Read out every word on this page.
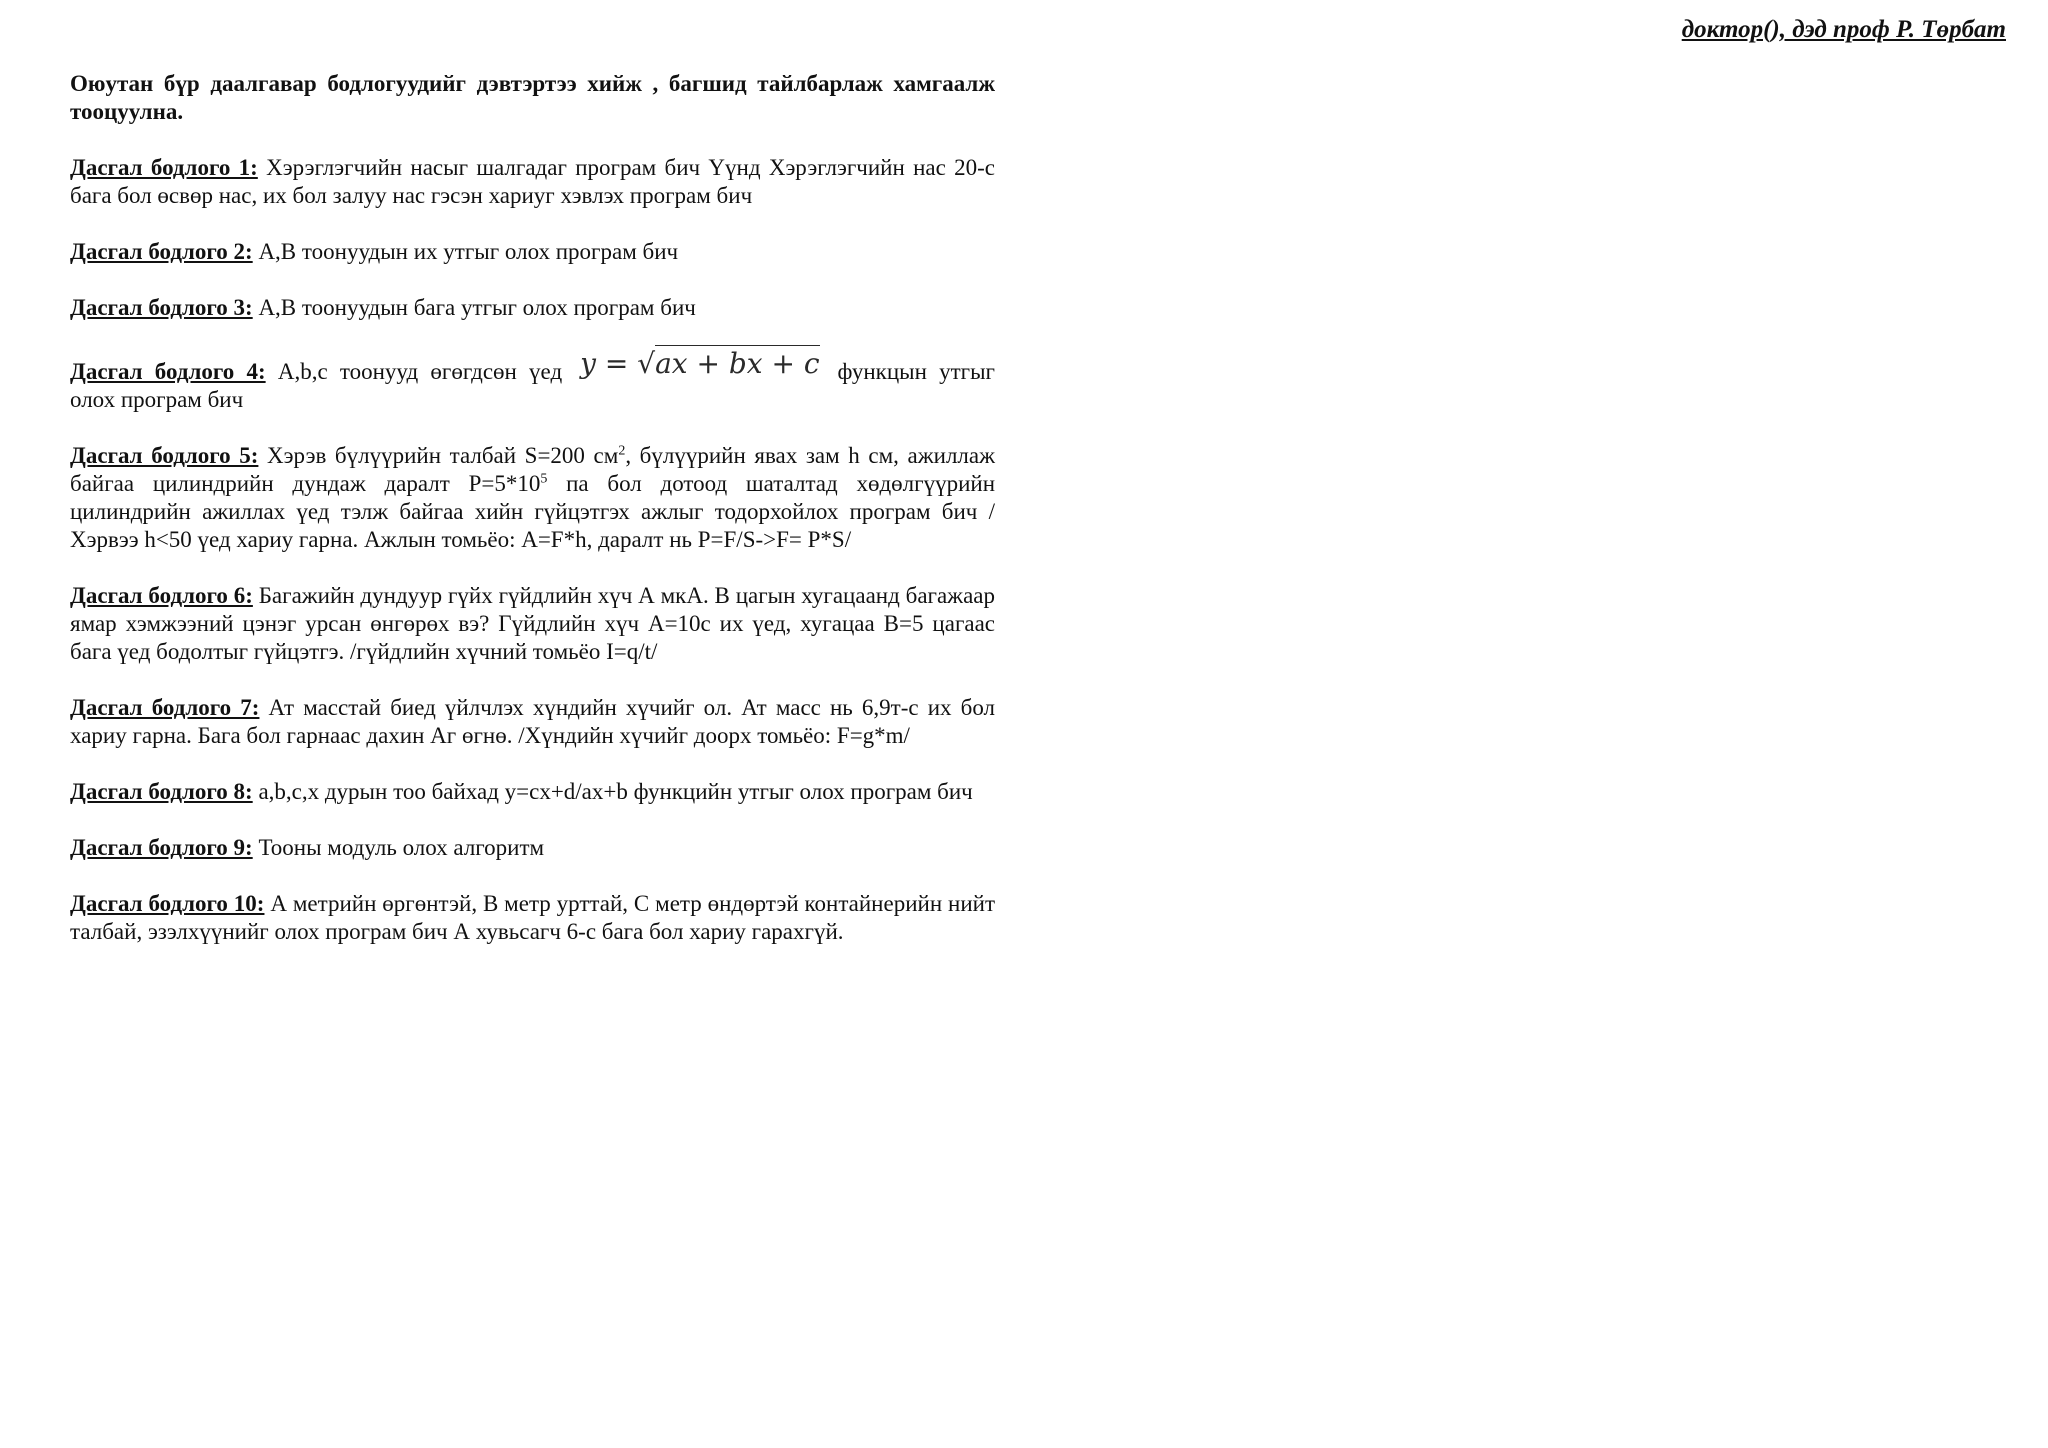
доктор(), дэд проф Р. Төрбат

Оюутан бүр даалгавар бодлогуудийг дэвтэртээ хийж , багшид тайлбарлаж хамгаалж тооцуулна.

Дасгал бодлого 1: Хэрэглэгчийн насыг шалгадаг програм бич Үүнд Хэрэглэгчийн нас 20-с бага бол өсвөр нас, их бол залуу нас гэсэн хариуг хэвлэх програм бич

Дасгал бодлого 2: A,B тоонуудын их утгыг олох програм бич

Дасгал бодлого 3: A,B тоонуудын бага утгыг олох програм бич

Дасгал бодлого 4: A,b,c тоонууд өгөгдсөн үед y = √ax + bx + c функцын утгыг олох програм бич

Дасгал бодлого 5: Хэрэв бүлүүрийн талбай S=200 $см^2$, бүлүүрийн явах зам h см, ажиллаж байгаа цилиндрийн дундаж даралт $P=5*10^5$ па бол дотоод шаталтад хөдөлгүүрийн цилиндрийн ажиллах үед тэлж байгаа хийн гүйцэтгэх ажлыг тодорхойлох програм бич /Хэрвээ h<50 үед хариу гарна. Ажлын томьёо: A=F*h, даралт нь P=F/S->F= P*S/

Дасгал бодлого 6: Багажийн дундуур гүйх гүйдлийн хүч А мкА. В цагын хугацаанд багажаар ямар хэмжээний цэнэг урсан өнгөрөх вэ? Гүйдлийн хүч A=10c их үед, хугацаа B=5 цагаас бага үед бодолтыг гүйцэтгэ. /гүйдлийн хүчний томьёо I=q/t/

Дасгал бодлого 7: Ат масстай биед үйлчлэх хүндийн хүчийг ол. Ат масс нь 6,9т-с их бол хариу гарна. Бага бол гарнаас дахин Аг өгнө. /Хүндийн хүчийг доорх томьёо: F=g*m/

Дасгал бодлого 8: a,b,c,x дурын тоо байхад y=cx+d/ax+b функцийн утгыг олох програм бич

Дасгал бодлого 9: Тооны модуль олох алгоритм

Дасгал бодлого 10: А метрийн өргөнтэй, В метр урттай, С метр өндөртэй контайнерийн нийт талбай, эзэлхүүнийг олох програм бич А хувьсагч 6-с бага бол хариу гарахгүй.
